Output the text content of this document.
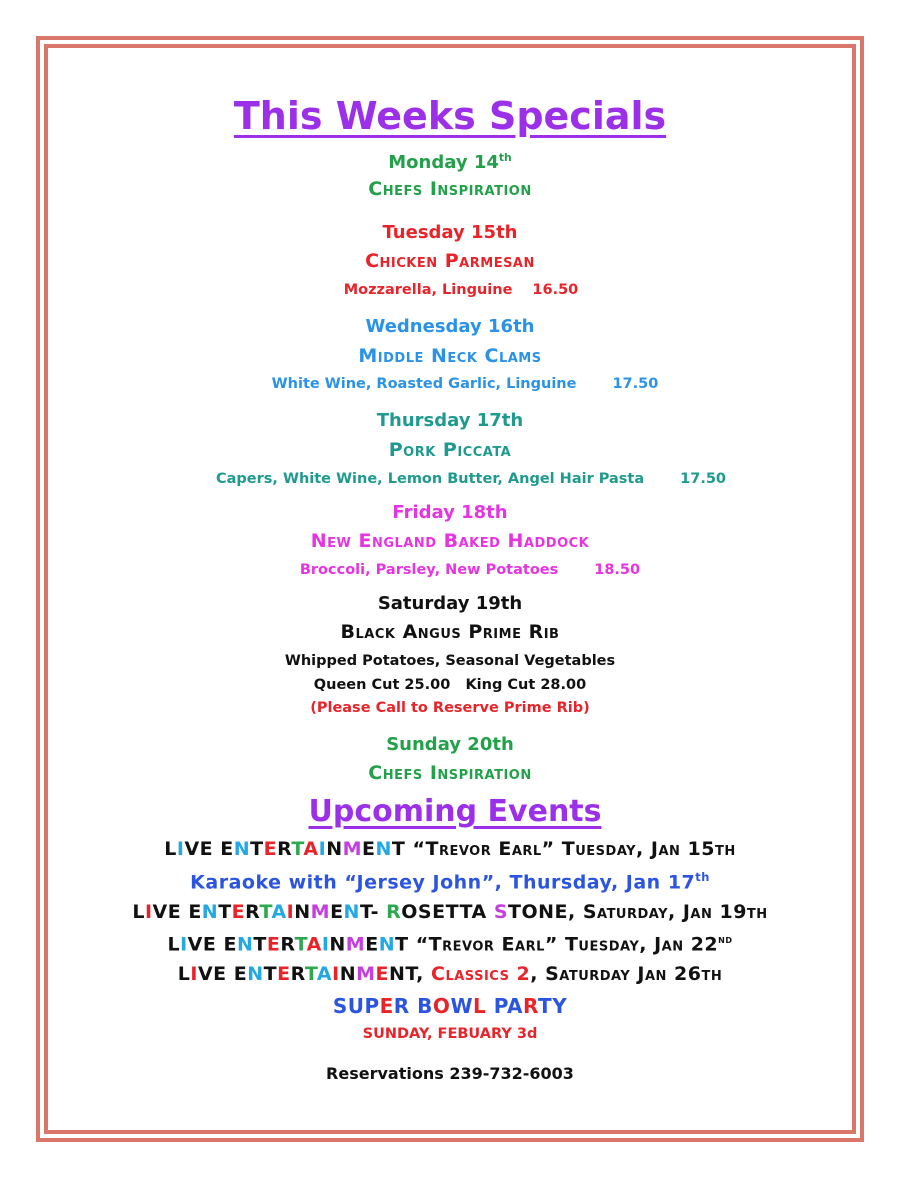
This Weeks Specials
Monday 14th
Chefs Inspiration
Tuesday 15th
Chicken Parmesan
Mozzarella, Linguine 16.50
Wednesday 16th
Middle Neck Clams
White Wine, Roasted Garlic, Linguine 17.50
Thursday 17th
Pork Piccata
Capers, White Wine, Lemon Butter, Angel Hair Pasta 17.50
Friday 18th
New England Baked Haddock
Broccoli, Parsley, New Potatoes 18.50
Saturday 19th
Black Angus Prime Rib
Whipped Potatoes, Seasonal Vegetables
Queen Cut 25.00   King Cut 28.00
(Please Call to Reserve Prime Rib)
Sunday 20th
Chefs Inspiration
Upcoming Events
LIVE ENTERTAINMENT “Trevor Earl” Tuesday, Jan 15th
Karaoke with “Jersey John”, Thursday, Jan 17th
LIVE ENTERTAINMENT- ROSETTA STONE, Saturday, Jan 19th
LIVE ENTERTAINMENT “Trevor Earl” Tuesday, Jan 22nd
LIVE ENTERTAINMENT, Classics 2, Saturday Jan 26th
SUPER BOWL PARTY
SUNDAY, FEBUARY 3d
Reservations 239-732-6003
